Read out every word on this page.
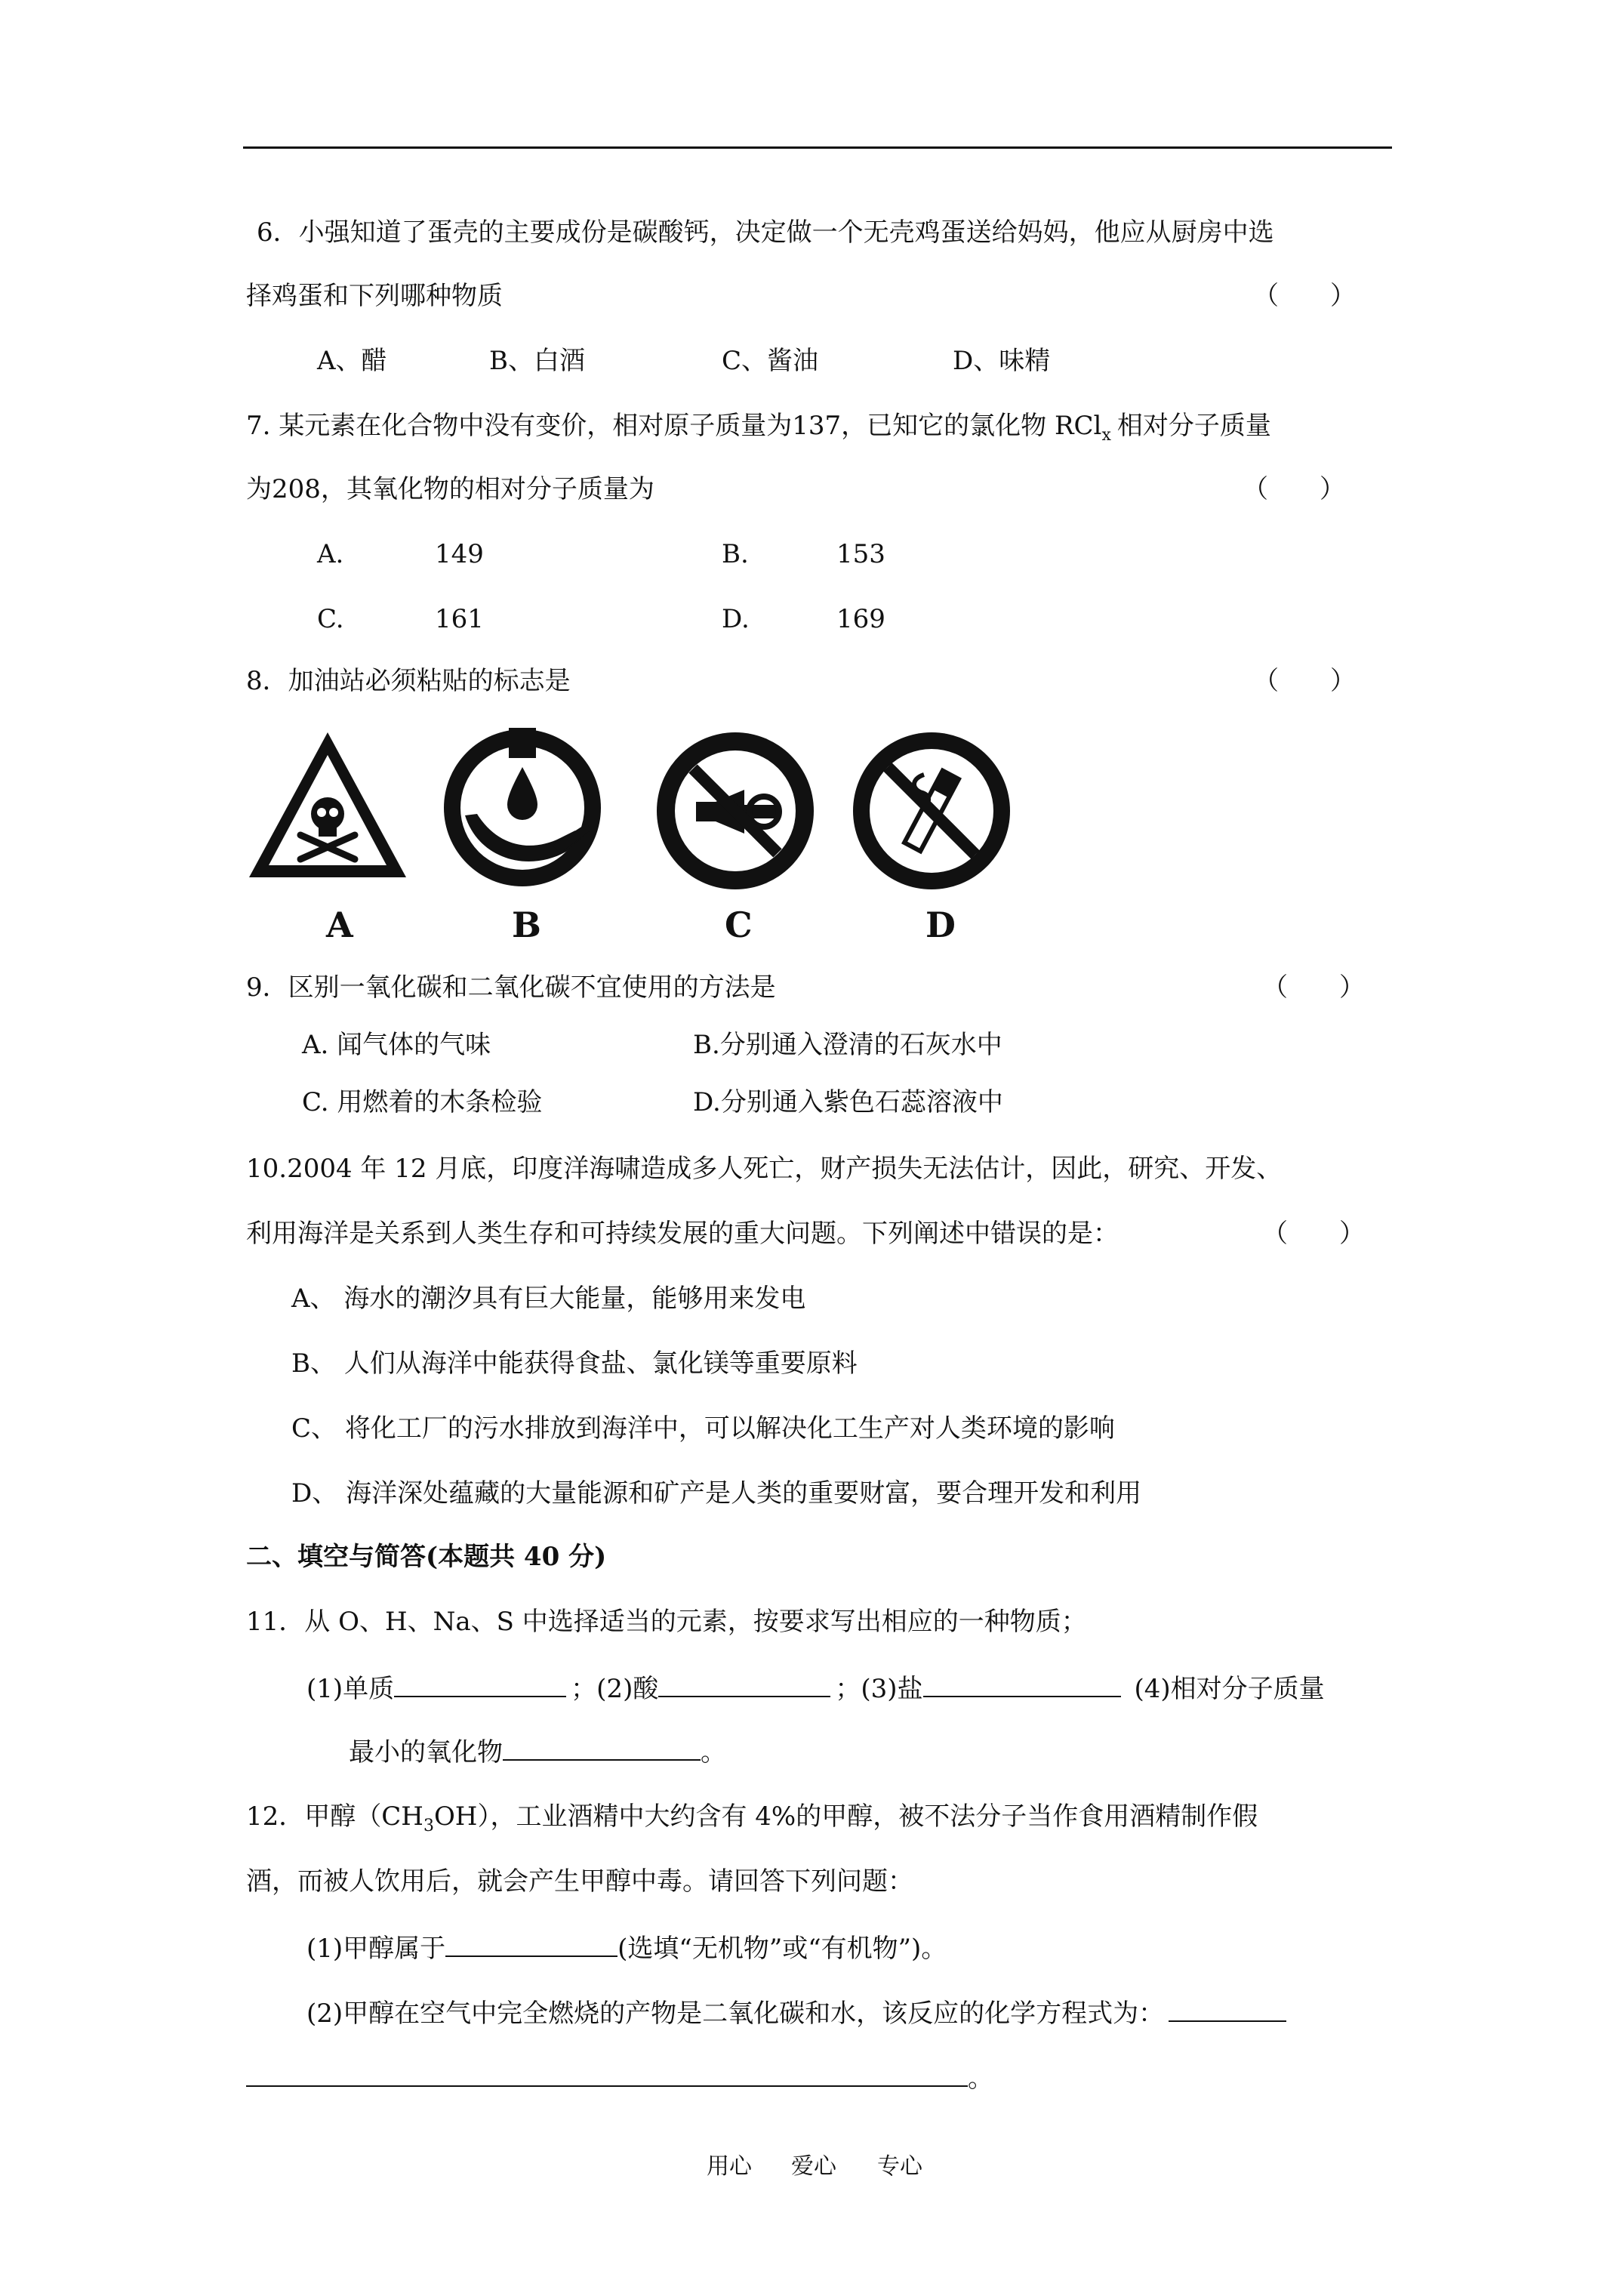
6．小强知道了蛋壳的主要成份是碳酸钙，决定做一个无壳鸡蛋送给妈妈，他应从厨房中选
择鸡蛋和下列哪种物质	（　　）
A、醋	B、白酒	C、酱油	D、味精
7. 某元素在化合物中没有变价，相对原子质量为137，已知它的氯化物 RCl$_x$ 相对分子质量
为208，其氧化物的相对分子质量为	（　　）
A.	149	B.	153
C.	161	D.	169
8．加油站必须粘贴的标志是	（　　）
A	B	C	D
9．区别一氧化碳和二氧化碳不宜使用的方法是	（　　）
A. 闻气体的气味	B.分别通入澄清的石灰水中
C. 用燃着的木条检验	D.分别通入紫色石蕊溶液中
10.2004 年 12 月底，印度洋海啸造成多人死亡，财产损失无法估计，因此，研究、开发、
利用海洋是关系到人类生存和可持续发展的重大问题。下列阐述中错误的是：	（　　）
A、 海水的潮汐具有巨大能量，能够用来发电
B、 人们从海洋中能获得食盐、氯化镁等重要原料
C、 将化工厂的污水排放到海洋中，可以解决化工生产对人类环境的影响
D、 海洋深处蕴藏的大量能源和矿产是人类的重要财富，要合理开发和利用
二、填空与简答(本题共 40 分)
11．从 O、H、Na、S 中选择适当的元素，按要求写出相应的一种物质；
(1)单质	；(2)酸	；(3)盐	(4)相对分子质量
最小的氧化物	。
12．甲醇$(CH_3OH)$，工业酒精中大约含有 4%的甲醇，被不法分子当作食用酒精制作假
酒，而被人饮用后，就会产生甲醇中毒。请回答下列问题：
(1)甲醇属于	(选填“无机物”或“有机物”)。
(2)甲醇在空气中完全燃烧的产物是二氧化碳和水，该反应的化学方程式为：
。
用心 爱心 专心
